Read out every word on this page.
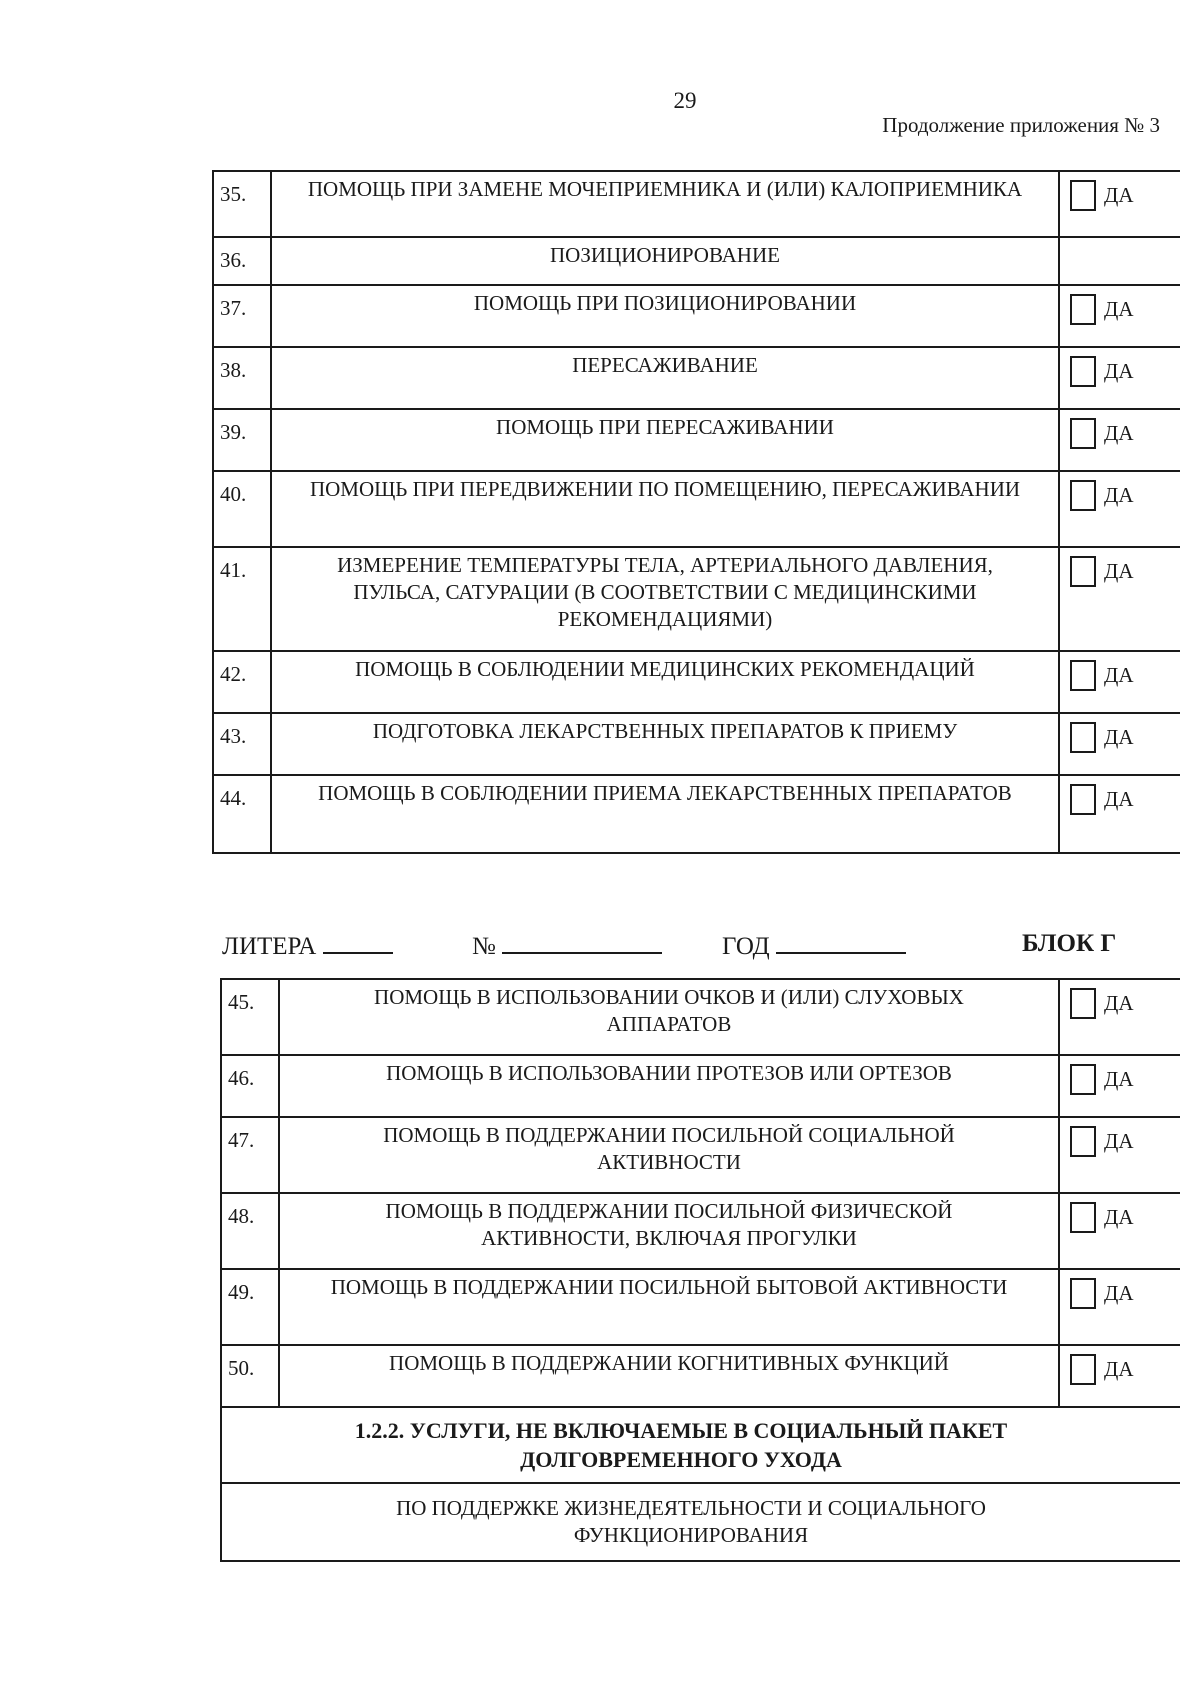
29
Продолжение приложения № 3
35.	ПОМОЩЬ ПРИ ЗАМЕНЕ МОЧЕПРИЕМНИКА И (ИЛИ) КАЛОПРИЕМНИКА	ДА
36.	ПОЗИЦИОНИРОВАНИЕ	
37.	ПОМОЩЬ ПРИ ПОЗИЦИОНИРОВАНИИ	ДА
38.	ПЕРЕСАЖИВАНИЕ	ДА
39.	ПОМОЩЬ ПРИ ПЕРЕСАЖИВАНИИ	ДА
40.	ПОМОЩЬ ПРИ ПЕРЕДВИЖЕНИИ ПО ПОМЕЩЕНИЮ, ПЕРЕСАЖИВАНИИ	ДА
41.	ИЗМЕРЕНИЕ ТЕМПЕРАТУРЫ ТЕЛА, АРТЕРИАЛЬНОГО ДАВЛЕНИЯ, ПУЛЬСА, САТУРАЦИИ (В СООТВЕТСТВИИ С МЕДИЦИНСКИМИ РЕКОМЕНДАЦИЯМИ)	ДА
42.	ПОМОЩЬ В СОБЛЮДЕНИИ МЕДИЦИНСКИХ РЕКОМЕНДАЦИЙ	ДА
43.	ПОДГОТОВКА ЛЕКАРСТВЕННЫХ ПРЕПАРАТОВ К ПРИЕМУ	ДА
44.	ПОМОЩЬ В СОБЛЮДЕНИИ ПРИЕМА ЛЕКАРСТВЕННЫХ ПРЕПАРАТОВ	ДА
ЛИТЕРА	№	ГОД	БЛОК Г
45.	ПОМОЩЬ В ИСПОЛЬЗОВАНИИ ОЧКОВ И (ИЛИ) СЛУХОВЫХ АППАРАТОВ	ДА
46.	ПОМОЩЬ В ИСПОЛЬЗОВАНИИ ПРОТЕЗОВ ИЛИ ОРТЕЗОВ	ДА
47.	ПОМОЩЬ В ПОДДЕРЖАНИИ ПОСИЛЬНОЙ СОЦИАЛЬНОЙ АКТИВНОСТИ	ДА
48.	ПОМОЩЬ В ПОДДЕРЖАНИИ ПОСИЛЬНОЙ ФИЗИЧЕСКОЙ АКТИВНОСТИ, ВКЛЮЧАЯ ПРОГУЛКИ	ДА
49.	ПОМОЩЬ В ПОДДЕРЖАНИИ ПОСИЛЬНОЙ БЫТОВОЙ АКТИВНОСТИ	ДА
50.	ПОМОЩЬ В ПОДДЕРЖАНИИ КОГНИТИВНЫХ ФУНКЦИЙ	ДА

1.2.2. УСЛУГИ, НЕ ВКЛЮЧАЕМЫЕ В СОЦИАЛЬНЫЙ ПАКЕТ ДОЛГОВРЕМЕННОГО УХОДА		

ПО ПОДДЕРЖКЕ ЖИЗНЕДЕЯТЕЛЬНОСТИ И СОЦИАЛЬНОГО ФУНКЦИОНИРОВАНИЯ		
